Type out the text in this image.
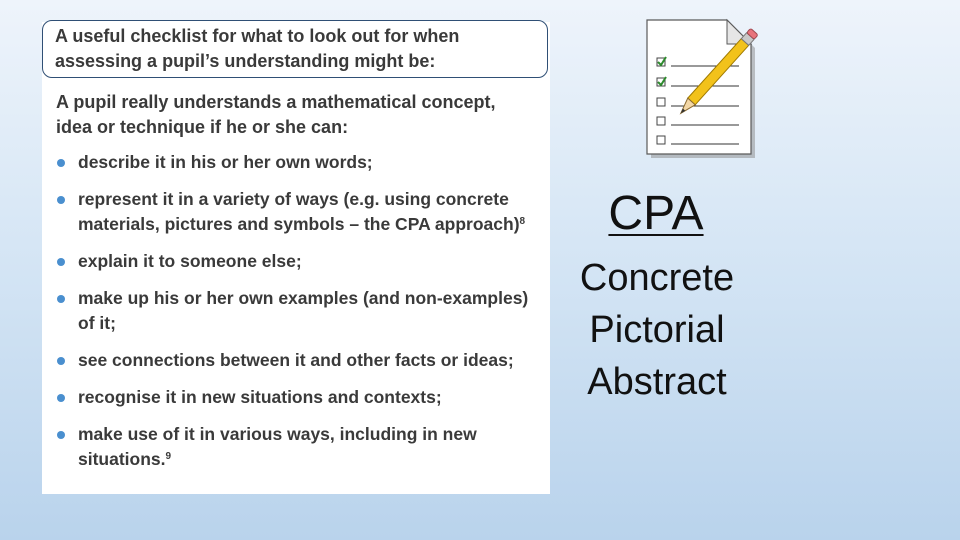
A useful checklist for what to look out for when assessing a pupil’s understanding might be:
A pupil really understands a mathematical concept, idea or technique if he or she can:
describe it in his or her own words;
represent it in a variety of ways (e.g. using concrete materials, pictures and symbols – the CPA approach)$^8$
explain it to someone else;
make up his or her own examples (and non-examples) of it;
see connections between it and other facts or ideas;
recognise it in new situations and contexts;
make use of it in various ways, including in new situations.$^9$
CPA
Concrete
Pictorial
Abstract
